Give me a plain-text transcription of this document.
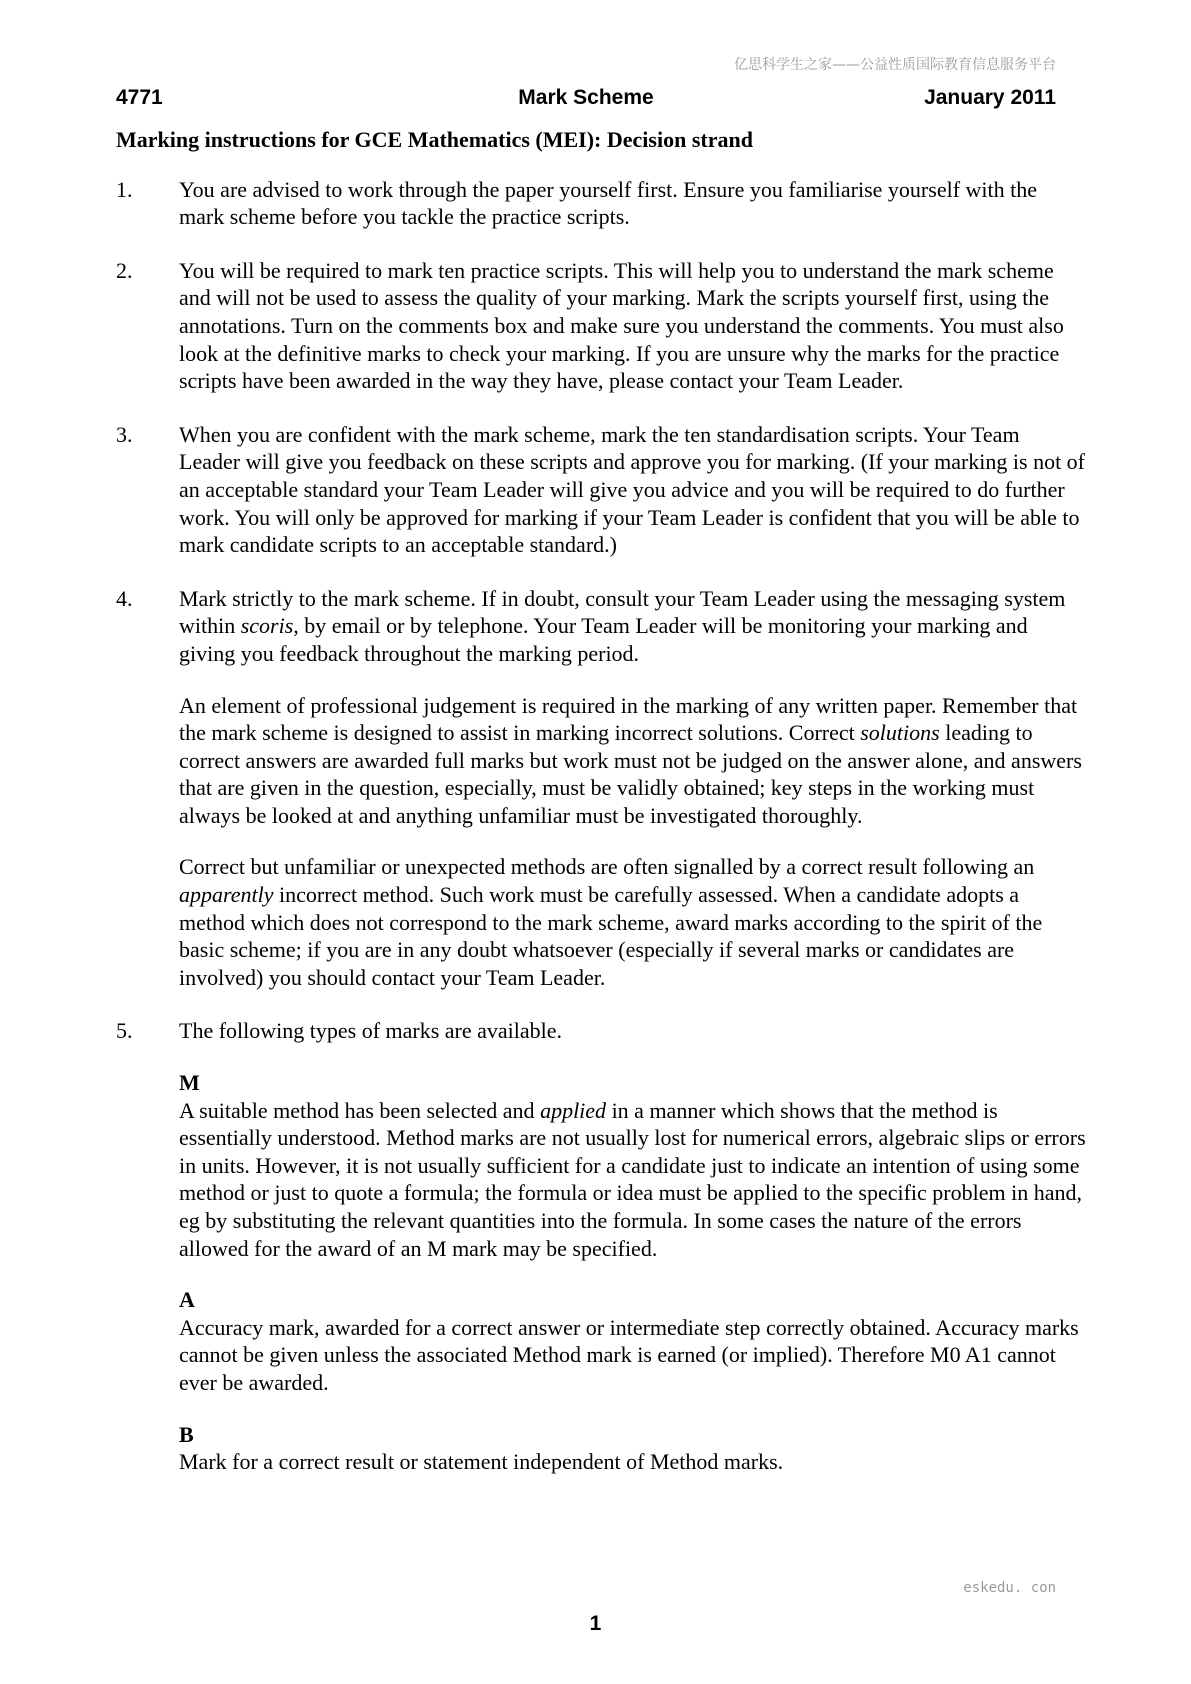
亿思科学生之家——公益性质国际教育信息服务平台
4771	Mark Scheme	January 2011
Marking instructions for GCE Mathematics (MEI): Decision strand
1. You are advised to work through the paper yourself first. Ensure you familiarise yourself with the mark scheme before you tackle the practice scripts.

2. You will be required to mark ten practice scripts. This will help you to understand the mark scheme and will not be used to assess the quality of your marking. Mark the scripts yourself first, using the annotations. Turn on the comments box and make sure you understand the comments. You must also look at the definitive marks to check your marking. If you are unsure why the marks for the practice scripts have been awarded in the way they have, please contact your Team Leader.

3. When you are confident with the mark scheme, mark the ten standardisation scripts. Your Team Leader will give you feedback on these scripts and approve you for marking. (If your marking is not of an acceptable standard your Team Leader will give you advice and you will be required to do further work. You will only be approved for marking if your Team Leader is confident that you will be able to mark candidate scripts to an acceptable standard.)

4. Mark strictly to the mark scheme. If in doubt, consult your Team Leader using the messaging system within scoris, by email or by telephone. Your Team Leader will be monitoring your marking and giving you feedback throughout the marking period.

An element of professional judgement is required in the marking of any written paper. Remember that the mark scheme is designed to assist in marking incorrect solutions. Correct solutions leading to correct answers are awarded full marks but work must not be judged on the answer alone, and answers that are given in the question, especially, must be validly obtained; key steps in the working must always be looked at and anything unfamiliar must be investigated thoroughly.

Correct but unfamiliar or unexpected methods are often signalled by a correct result following an apparently incorrect method. Such work must be carefully assessed. When a candidate adopts a method which does not correspond to the mark scheme, award marks according to the spirit of the basic scheme; if you are in any doubt whatsoever (especially if several marks or candidates are involved) you should contact your Team Leader.

5. The following types of marks are available.

M
A suitable method has been selected and applied in a manner which shows that the method is essentially understood. Method marks are not usually lost for numerical errors, algebraic slips or errors in units. However, it is not usually sufficient for a candidate just to indicate an intention of using some method or just to quote a formula; the formula or idea must be applied to the specific problem in hand, eg by substituting the relevant quantities into the formula. In some cases the nature of the errors allowed for the award of an M mark may be specified.
A
Accuracy mark, awarded for a correct answer or intermediate step correctly obtained. Accuracy marks cannot be given unless the associated Method mark is earned (or implied). Therefore M0 A1 cannot ever be awarded.
B
Mark for a correct result or statement independent of Method marks.
eskedu. con
1
